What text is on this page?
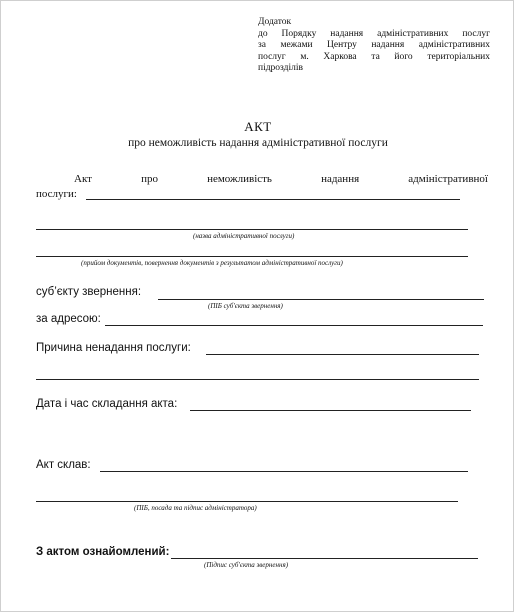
Додаток
до Порядку надання адміністративних послуг
за межами Центру надання адміністративних
послуг м. Харкова та його територіальних
підрозділів
АКТ
про неможливість надання адміністративної послуги
Акт	про	неможливість	надання	адміністративної
послуги:
(назва адміністративної послуги)
(прийом документів, повернення документів з результатом адміністративної послуги)
суб’єкту звернення:
(ПІБ суб'єкта звернення)
за адресою:
Причина ненадання послуги:
Дата і час складання акта:
Акт склав:
(ПІБ, посада та підпис адміністратора)
З актом ознайомлений:
(Підпис суб'єкта звернення)
